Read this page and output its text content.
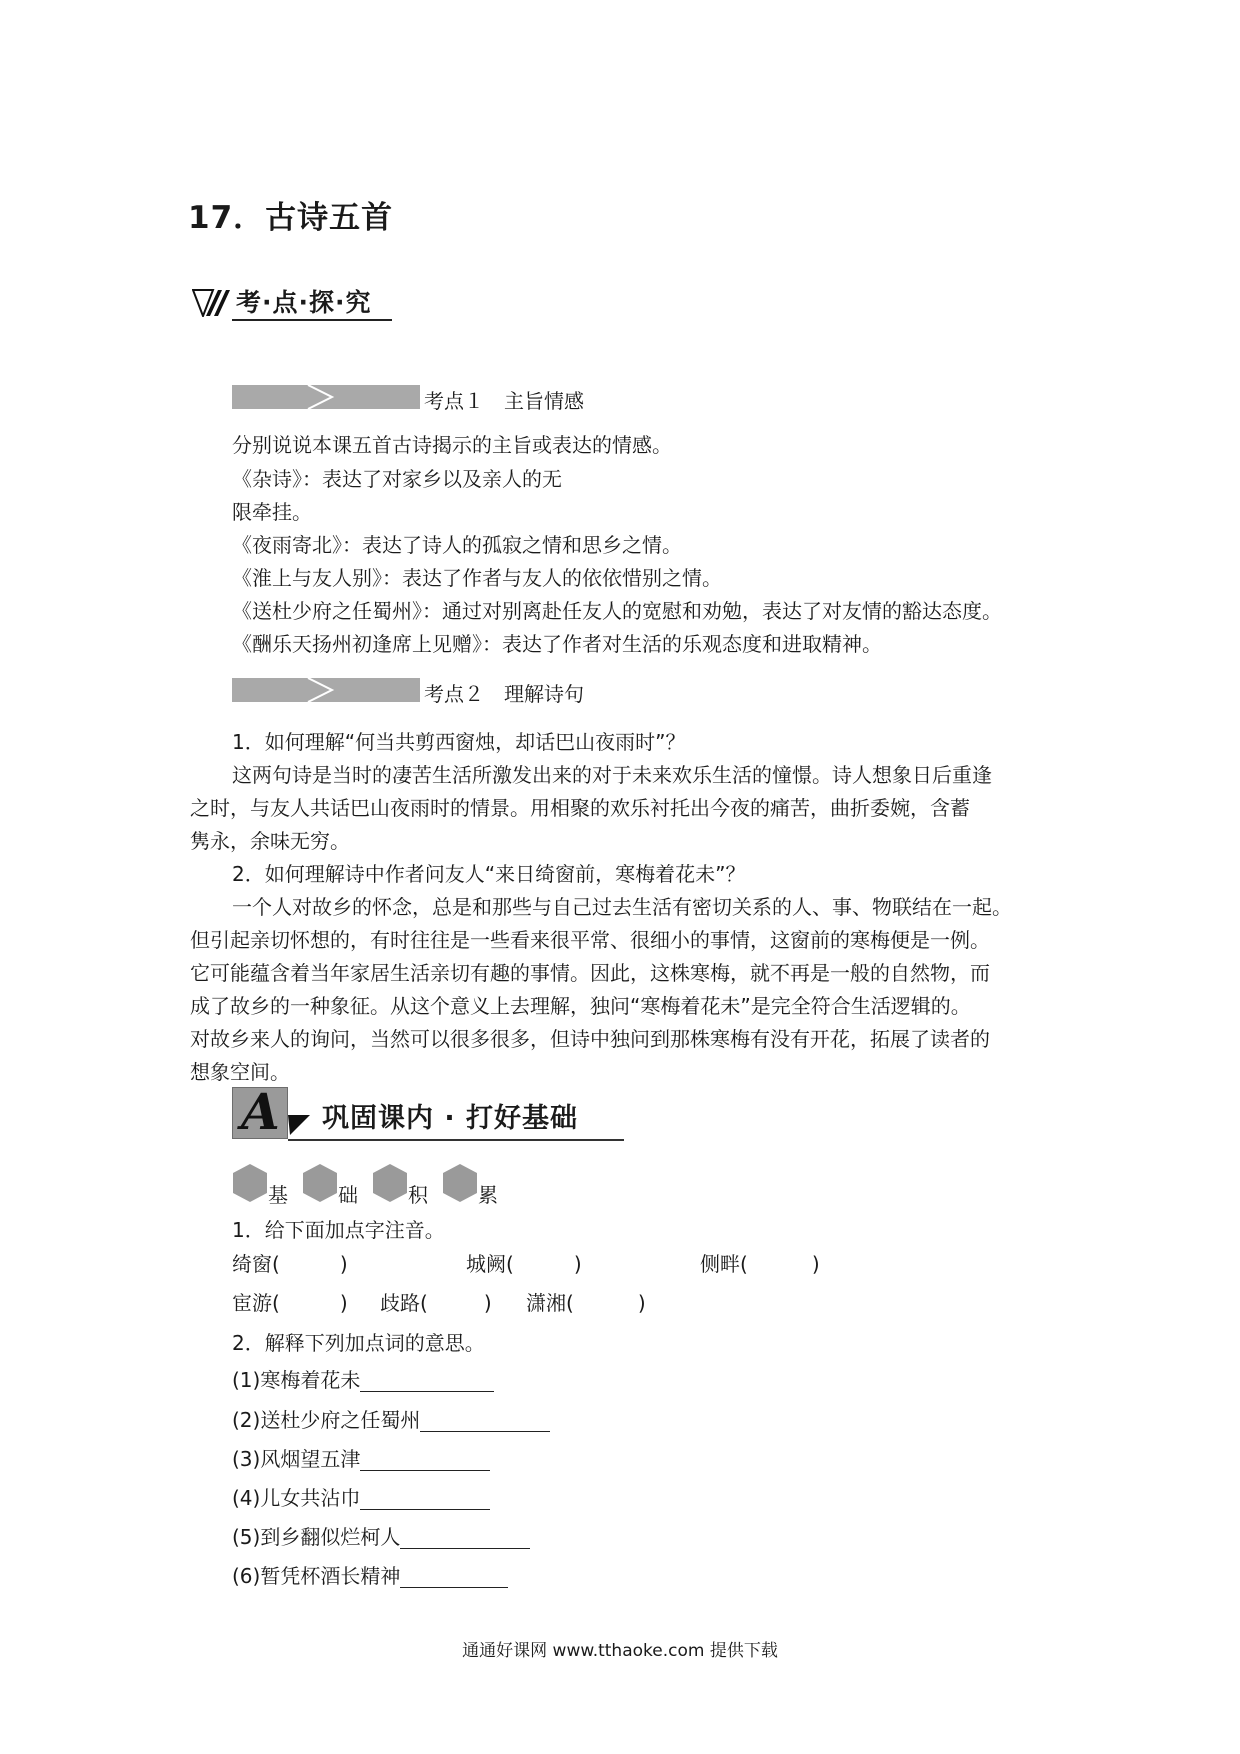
17．古诗五首
考·点·探·究
考点１　主旨情感
分别说说本课五首古诗揭示的主旨或表达的情感。
《杂诗》：表达了对家乡以及亲人的无
限牵挂。
《夜雨寄北》：表达了诗人的孤寂之情和思乡之情。
《淮上与友人别》：表达了作者与友人的依依惜别之情。
《送杜少府之任蜀州》：通过对别离赴任友人的宽慰和劝勉，表达了对友情的豁达态度。
《酬乐天扬州初逢席上见赠》：表达了作者对生活的乐观态度和进取精神。
考点２　理解诗句
1．如何理解“何当共剪西窗烛，却话巴山夜雨时”？
这两句诗是当时的凄苦生活所激发出来的对于未来欢乐生活的憧憬。诗人想象日后重逢
之时，与友人共话巴山夜雨时的情景。用相聚的欢乐衬托出今夜的痛苦，曲折委婉，含蓄
隽永，余味无穷。
2．如何理解诗中作者问友人“来日绮窗前，寒梅着花未”？
一个人对故乡的怀念，总是和那些与自己过去生活有密切关系的人、事、物联结在一起。
但引起亲切怀想的，有时往往是一些看来很平常、很细小的事情，这窗前的寒梅便是一例。
它可能蕴含着当年家居生活亲切有趣的事情。因此，这株寒梅，就不再是一般的自然物，而
成了故乡的一种象征。从这个意义上去理解，独问“寒梅着花未”是完全符合生活逻辑的。
对故乡来人的询问，当然可以很多很多，但诗中独问到那株寒梅有没有开花，拓展了读者的
想象空间。
A 巩固课内 · 打好基础
基	础	积	累
1．给下面加点字注音。
绮窗(	)	城阙(	)	侧畔(	)
宦游(	) 歧路(	) 潇湘(	)
2．解释下列加点词的意思。
(1)寒梅着花未
(2)送杜少府之任蜀州
(3)风烟望五津
(4)儿女共沾巾
(5)到乡翻似烂柯人
(6)暂凭杯酒长精神
通通好课网 www.tthaoke.com 提供下载
